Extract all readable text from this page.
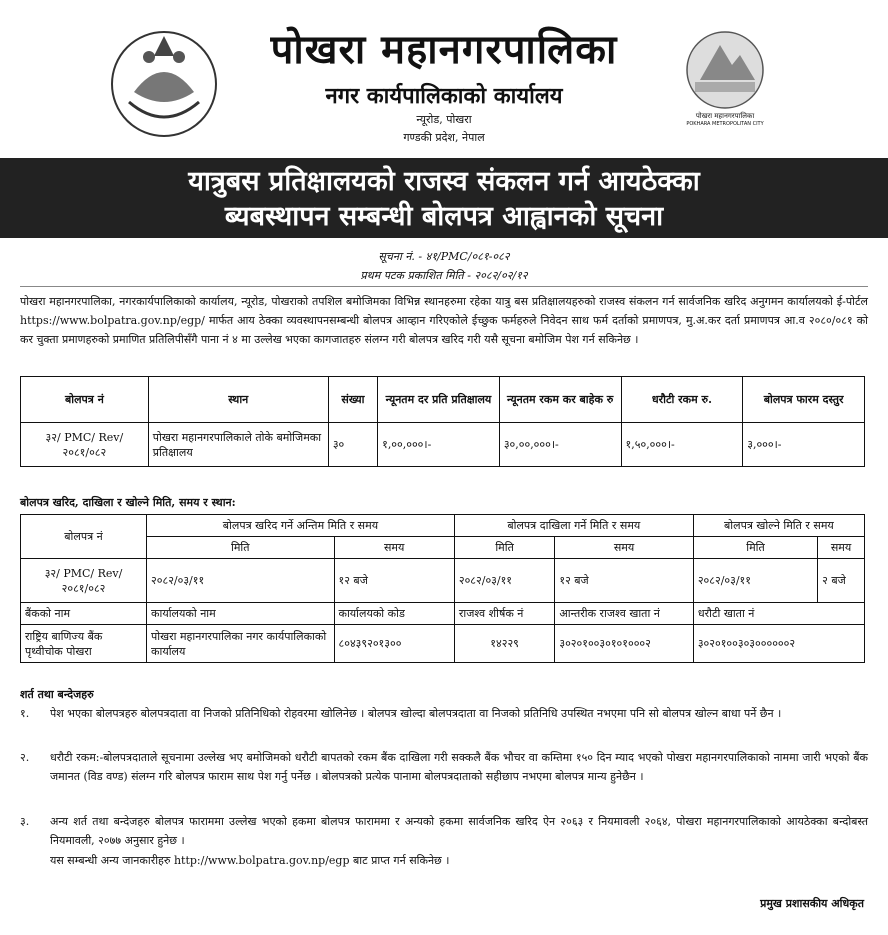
पोखरा महानगरपालिका
नगर कार्यपालिकाको कार्यालय
न्यूरोड, पोखरा
गण्डकी प्रदेश, नेपाल
पोखरा महानगरपालिका
POKHARA METROPOLITAN CITY
यात्रुबस प्रतिक्षालयको राजस्व संकलन गर्न आयठेक्का
ब्यबस्थापन सम्बन्धी बोलपत्र आह्वानको सूचना
सूचना नं. - ४१/PMC/०८१-०८२
प्रथम पटक प्रकाशित मिति - २०८२/०२/१२
पोखरा महानगरपालिका, नगरकार्यपालिकाको कार्यालय, न्यूरोड, पोखराको तपशिल बमोजिमका विभिन्न स्थानहरुमा रहेका यात्रु बस प्रतिक्षालयहरुको राजस्व संकलन गर्न सार्वजनिक खरिद अनुगमन कार्यालयको ई-पोर्टल https://www.bolpatra.gov.np/egp/ मार्फत आय ठेक्का व्यवस्थापनसम्बन्धी बोलपत्र आव्हान गरिएकोले ईच्छुक फर्महरुले निवेदन साथ फर्म दर्ताको प्रमाणपत्र, मु.अ.कर दर्ता प्रमाणपत्र आ.व २०८०/०८१ को कर चुक्ता प्रमाणहरुको प्रमाणित प्रतिलिपीसँगै पाना नं ४ मा उल्लेख भएका कागजातहरु संलग्न गरी बोलपत्र खरिद गरी यसै सूचना बमोजिम पेश गर्न सकिनेछ ।
बोलपत्र नं	स्थान	संख्या	न्यूनतम दर प्रति प्रतिक्षालय	न्यूनतम रकम कर बाहेक रु	धरौटी रकम रु.	बोलपत्र फारम दस्तुर
३२/ PMC/ Rev/२०८१/०८२	पोखरा महानगरपालिकाले तोके बमोजिमका प्रतिक्षालय	३०	१,००,०००।-	३०,००,०००।-	१,५०,०००।-	३,०००।-
बोलपत्र खरिद, दाखिला र खोल्ने मिति, समय र स्थान:
बोलपत्र नं	बोलपत्र खरिद गर्ने अन्तिम मिति र समय		बोलपत्र दाखिला गर्ने मिति र समय		बोलपत्र खोल्ने मिति र समय	
	मिति	समय	मिति	समय	मिति	समय
३२/ PMC/ Rev/२०८१/०८२	२०८२/०३/११	१२ बजे	२०८२/०३/११	१२ बजे	२०८२/०३/११	२ बजे
बैंकको नाम	कार्यालयको नाम	कार्यालयको कोड	राजश्व शीर्षक नं	आन्तरीक राजश्व खाता नं	धरौटी खाता नं	
राष्ट्रिय बाणिज्य बैंक पृथ्वीचोक पोखरा	पोखरा महानगरपालिका नगर कार्यपालिकाको कार्यालय	८०४३९२०१३००	१४२२९	३०२०१००३०१०१०००२	३०२०१००३०३००००००२	
शर्त तथा बन्देजहरु
१. पेश भएका बोलपत्रहरु बोलपत्रदाता वा निजको प्रतिनिधिको रोहवरमा खोलिनेछ । बोलपत्र खोल्दा बोलपत्रदाता वा निजको प्रतिनिधि उपस्थित नभएमा पनि सो बोलपत्र खोल्न बाधा पर्ने छैन ।
२. धरौटी रकम:-बोलपत्रदाताले सूचनामा उल्लेख भए बमोजिमको धरौटी बापतको रकम बैंक दाखिला गरी सक्कलै बैंक भौचर वा कम्तिमा १५० दिन म्याद भएको पोखरा महानगरपालिकाको नाममा जारी भएको बैंक जमानत (विड वण्ड) संलग्न गरि बोलपत्र फाराम साथ पेश गर्नु पर्नेछ । बोलपत्रको प्रत्येक पानामा बोलपत्रदाताको सहीछाप नभएमा बोलपत्र मान्य हुनेछैन ।
३. अन्य शर्त तथा बन्देजहरु बोलपत्र फाराममा उल्लेख भएको हकमा बोलपत्र फाराममा र अन्यको हकमा सार्वजनिक खरिद ऐन २०६३ र नियमावली २०६४, पोखरा महानगरपालिकाको आयठेक्का बन्दोबस्त नियमावली, २०७७ अनुसार हुनेछ ।
यस सम्बन्धी अन्य जानकारीहरु http://www.bolpatra.gov.np/egp बाट प्राप्त गर्न सकिनेछ ।
प्रमुख प्रशासकीय अधिकृत
